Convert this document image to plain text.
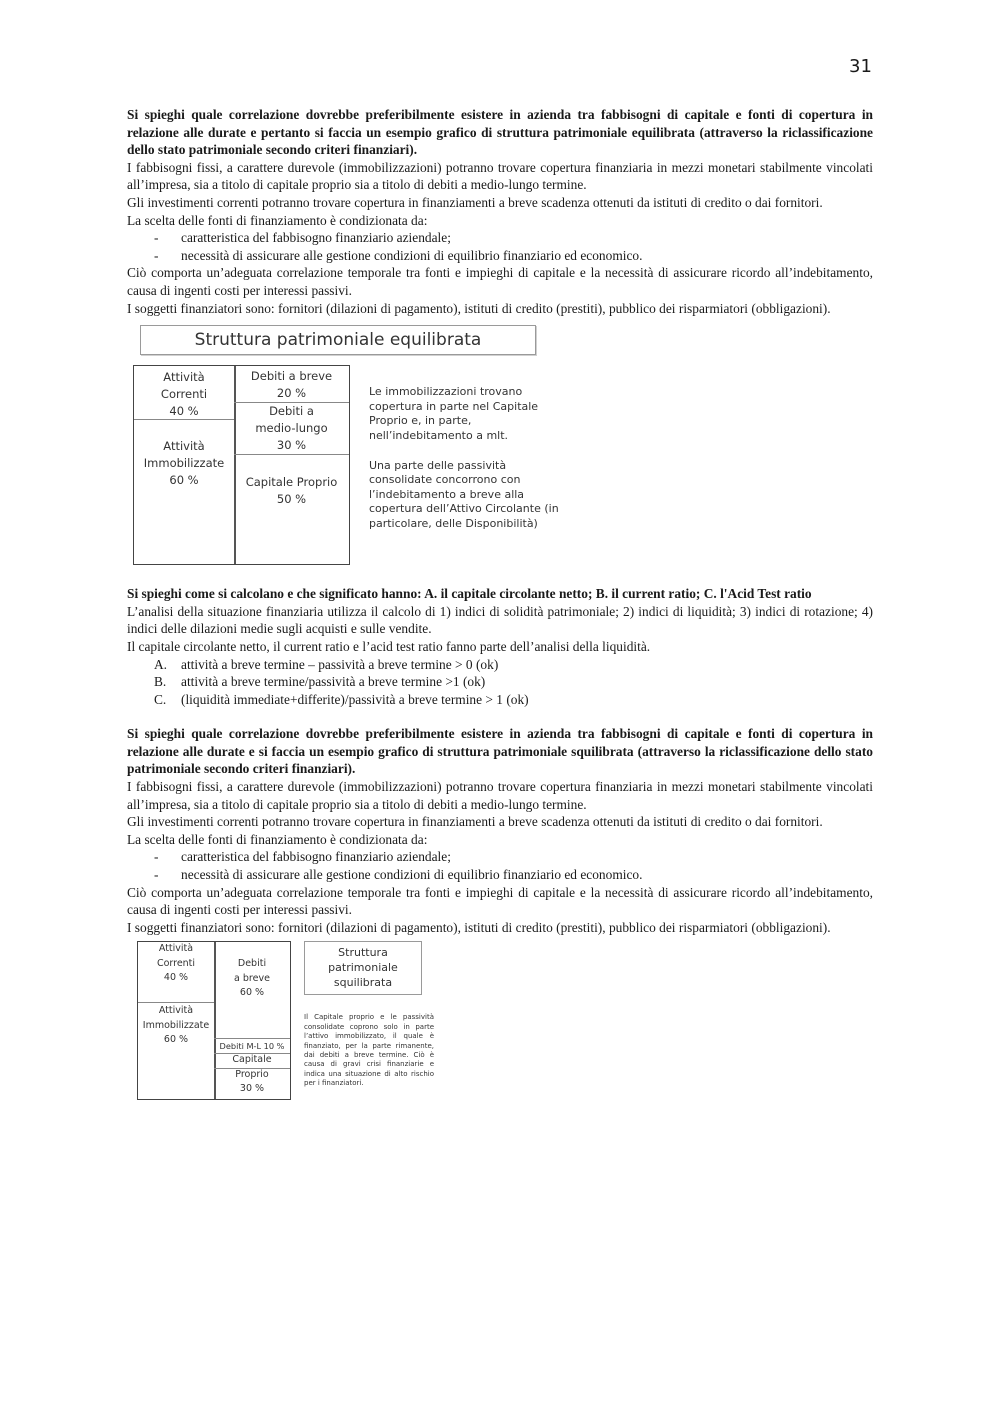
31

Si spieghi quale correlazione dovrebbe preferibilmente esistere in azienda tra fabbisogni di capitale e fonti di copertura in relazione alle durate e pertanto si faccia un esempio grafico di struttura patrimoniale equilibrata (attraverso la riclassificazione dello stato patrimoniale secondo criteri finanziari).

I fabbisogni fissi, a carattere durevole (immobilizzazioni) potranno trovare copertura finanziaria in mezzi monetari stabilmente vincolati all’impresa, sia a titolo di capitale proprio sia a titolo di debiti a medio-lungo termine.

Gli investimenti correnti potranno trovare copertura in finanziamenti a breve scadenza ottenuti da istituti di credito o dai fornitori.

La scelta delle fonti di finanziamento è condizionata da:

- caratteristica del fabbisogno finanziario aziendale;
- necessità di assicurare alle gestione condizioni di equilibrio finanziario ed economico.

Ciò comporta un’adeguata correlazione temporale tra fonti e impieghi di capitale e la necessità di assicurare ricordo all’indebitamento, causa di ingenti costi per interessi passivi.

I soggetti finanziatori sono: fornitori (dilazioni di pagamento), istituti di credito (prestiti), pubblico dei risparmiatori (obbligazioni).

Struttura patrimoniale equilibrata
Attività
Correnti
40 %
Attività
Immobilizzate
60 %
Debiti a breve
20 %
Debiti a
medio-lungo
30 %
Capitale Proprio
50 %

Le immobilizzazioni trovano copertura in parte nel Capitale Proprio e, in parte, nell’indebitamento a mlt.

Una parte delle passività consolidate concorrono con l’indebitamento a breve alla copertura dell’Attivo Circolante (in particolare, delle Disponibilità)

Si spieghi come si calcolano e che significato hanno: A. il capitale circolante netto; B. il current ratio; C. l'Acid Test ratio

L’analisi della situazione finanziaria utilizza il calcolo di 1) indici di solidità patrimoniale; 2) indici di liquidità; 3) indici di rotazione; 4) indici delle dilazioni medie sugli acquisti e sulle vendite.

Il capitale circolante netto, il current ratio e l’acid test ratio fanno parte dell’analisi della liquidità.

A. attività a breve termine – passività a breve termine > 0 (ok)
B. attività a breve termine/passività a breve termine >1 (ok)
C. (liquidità immediate+differite)/passività a breve termine > 1 (ok)

Si spieghi quale correlazione dovrebbe preferibilmente esistere in azienda tra fabbisogni di capitale e fonti di copertura in relazione alle durate e si faccia un esempio grafico di struttura patrimoniale squilibrata (attraverso la riclassificazione dello stato patrimoniale secondo criteri finanziari).

I fabbisogni fissi, a carattere durevole (immobilizzazioni) potranno trovare copertura finanziaria in mezzi monetari stabilmente vincolati all’impresa, sia a titolo di capitale proprio sia a titolo di debiti a medio-lungo termine.

Gli investimenti correnti potranno trovare copertura in finanziamenti a breve scadenza ottenuti da istituti di credito o dai fornitori.

La scelta delle fonti di finanziamento è condizionata da:

- caratteristica del fabbisogno finanziario aziendale;
- necessità di assicurare alle gestione condizioni di equilibrio finanziario ed economico.

Ciò comporta un’adeguata correlazione temporale tra fonti e impieghi di capitale e la necessità di assicurare ricordo all’indebitamento, causa di ingenti costi per interessi passivi.

I soggetti finanziatori sono: fornitori (dilazioni di pagamento), istituti di credito (prestiti), pubblico dei risparmiatori (obbligazioni).

Attività
Correnti
40 %
Attività
Immobilizzate
60 %
Debiti
a breve
60 %
Debiti M-L 10 %
Capitale
Proprio
30 %
Struttura
patrimoniale
squilibrata

Il Capitale proprio e le passività consolidate coprono solo in parte l’attivo immobilizzato, il quale è finanziato, per la parte rimanente, dai debiti a breve termine. Ciò è causa di gravi crisi finanziarie e indica una situazione di alto rischio per i finanziatori.
